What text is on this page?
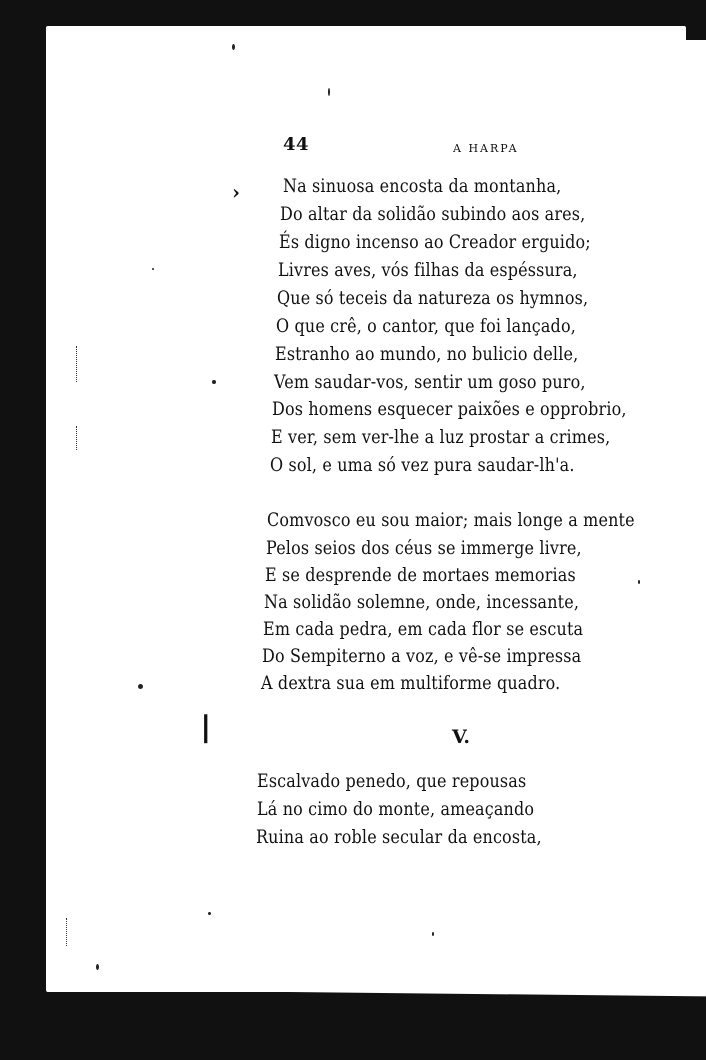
›
❘
44	A HARPA
Na sinuosa encosta da montanha,
Do altar da solidão subindo aos ares,
És digno incenso ao Creador erguido;
Livres aves, vós filhas da espéssura,
Que só teceis da natureza os hymnos,
O que crê, o cantor, que foi lançado,
Estranho ao mundo, no bulicio delle,
Vem saudar-vos, sentir um goso puro,
Dos homens esquecer paixões e opprobrio,
E ver, sem ver-lhe a luz prostar a crimes,
O sol, e uma só vez pura saudar-lh'a.
Comvosco eu sou maior; mais longe a mente
Pelos seios dos céus se immerge livre,
E se desprende de mortaes memorias
Na solidão solemne, onde, incessante,
Em cada pedra, em cada flor se escuta
Do Sempiterno a voz, e vê-se impressa
A dextra sua em multiforme quadro.
V.
Escalvado penedo, que repousas
Lá no cimo do monte, ameaçando
Ruina ao roble secular da encosta,
